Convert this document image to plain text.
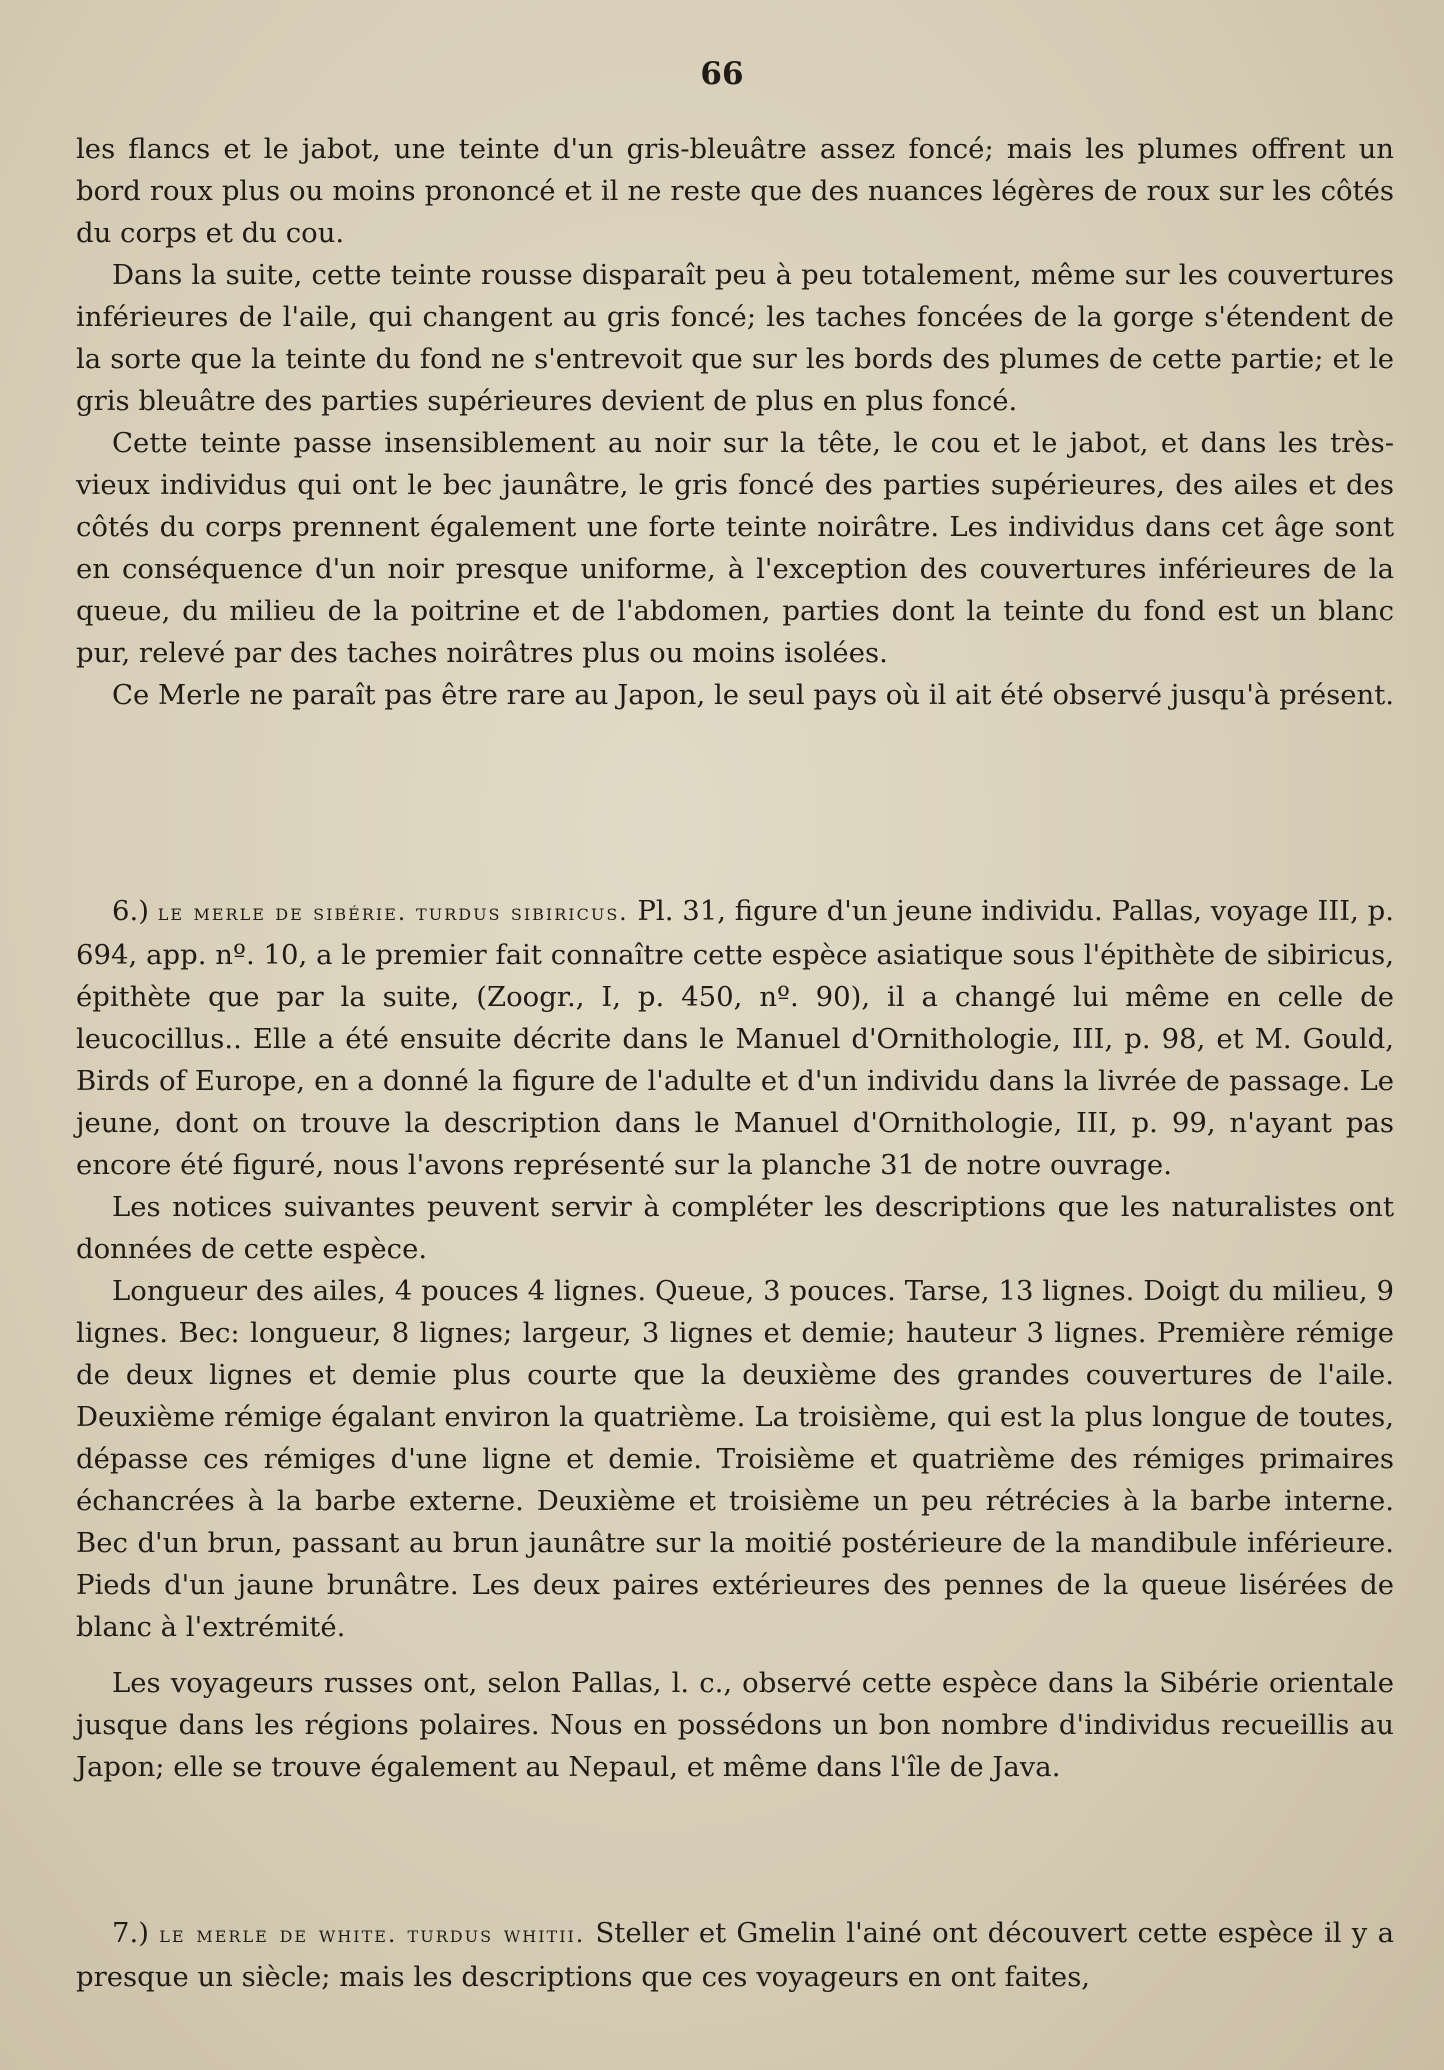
66

les flancs et le jabot, une teinte d'un gris-bleuâtre assez foncé; mais les plumes offrent un bord roux plus ou moins prononcé et il ne reste que des nuances légères de roux sur les côtés du corps et du cou.

Dans la suite, cette teinte rousse disparaît peu à peu totalement, même sur les couvertures inférieures de l'aile, qui changent au gris foncé; les taches foncées de la gorge s'étendent de la sorte que la teinte du fond ne s'entrevoit que sur les bords des plumes de cette partie; et le gris bleuâtre des parties supérieures devient de plus en plus foncé.

Cette teinte passe insensiblement au noir sur la tête, le cou et le jabot, et dans les très-vieux individus qui ont le bec jaunâtre, le gris foncé des parties supérieures, des ailes et des côtés du corps prennent également une forte teinte noirâtre. Les individus dans cet âge sont en conséquence d'un noir presque uniforme, à l'exception des couvertures inférieures de la queue, du milieu de la poitrine et de l'abdomen, parties dont la teinte du fond est un blanc pur, relevé par des taches noirâtres plus ou moins isolées.

Ce Merle ne paraît pas être rare au Japon, le seul pays où il ait été observé jusqu'à présent.

6.) le merle de sibérie. turdus sibiricus. Pl. 31, figure d'un jeune individu. Pallas, voyage III, p. 694, app. nº. 10, a le premier fait connaître cette espèce asiatique sous l'épithète de sibiricus, épithète que par la suite, (Zoogr., I, p. 450, nº. 90), il a changé lui même en celle de leucocillus.. Elle a été ensuite décrite dans le Manuel d'Ornithologie, III, p. 98, et M. Gould, Birds of Europe, en a donné la figure de l'adulte et d'un individu dans la livrée de passage. Le jeune, dont on trouve la description dans le Manuel d'Ornithologie, III, p. 99, n'ayant pas encore été figuré, nous l'avons représenté sur la planche 31 de notre ouvrage.

Les notices suivantes peuvent servir à compléter les descriptions que les naturalistes ont données de cette espèce.

Longueur des ailes, 4 pouces 4 lignes. Queue, 3 pouces. Tarse, 13 lignes. Doigt du milieu, 9 lignes. Bec: longueur, 8 lignes; largeur, 3 lignes et demie; hauteur 3 lignes. Première rémige de deux lignes et demie plus courte que la deuxième des grandes couvertures de l'aile. Deuxième rémige égalant environ la quatrième. La troisième, qui est la plus longue de toutes, dépasse ces rémiges d'une ligne et demie. Troisième et quatrième des rémiges primaires échancrées à la barbe externe. Deuxième et troisième un peu rétrécies à la barbe interne. Bec d'un brun, passant au brun jaunâtre sur la moitié postérieure de la mandibule inférieure. Pieds d'un jaune brunâtre. Les deux paires extérieures des pennes de la queue lisérées de blanc à l'extrémité.

Les voyageurs russes ont, selon Pallas, l. c., observé cette espèce dans la Sibérie orientale jusque dans les régions polaires. Nous en possédons un bon nombre d'individus recueillis au Japon; elle se trouve également au Nepaul, et même dans l'île de Java.

7.) le merle de white. turdus whitii. Steller et Gmelin l'ainé ont découvert cette espèce il y a presque un siècle; mais les descriptions que ces voyageurs en ont faites,
